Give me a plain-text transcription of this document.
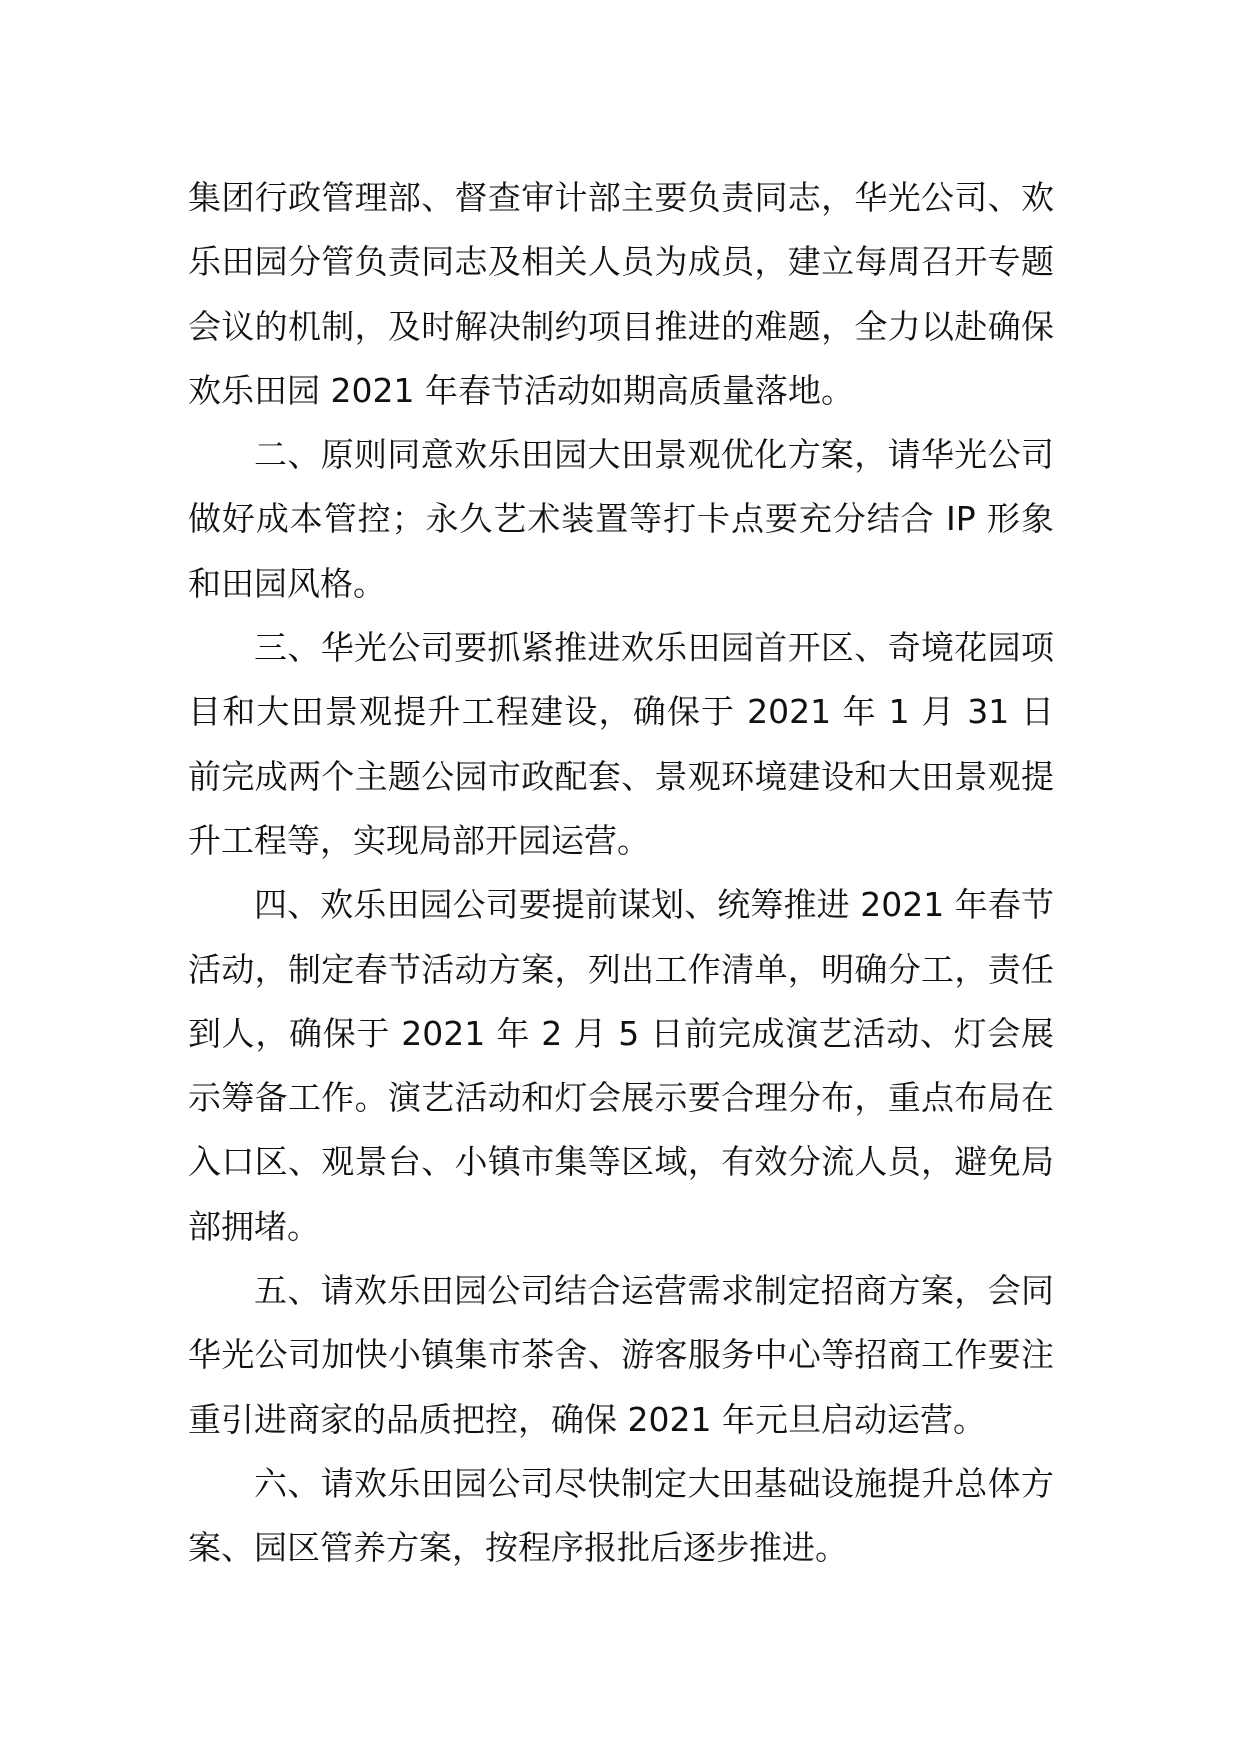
集团行政管理部、督查审计部主要负责同志，华光公司、欢乐田园分管负责同志及相关人员为成员，建立每周召开专题会议的机制，及时解决制约项目推进的难题，全力以赴确保欢乐田园 2021 年春节活动如期高质量落地。

二、原则同意欢乐田园大田景观优化方案，请华光公司做好成本管控；永久艺术装置等打卡点要充分结合 IP 形象和田园风格。

三、华光公司要抓紧推进欢乐田园首开区、奇境花园项目和大田景观提升工程建设，确保于 2021 年 1 月 31 日前完成两个主题公园市政配套、景观环境建设和大田景观提升工程等，实现局部开园运营。

四、欢乐田园公司要提前谋划、统筹推进 2021 年春节活动，制定春节活动方案，列出工作清单，明确分工，责任到人，确保于 2021 年 2 月 5 日前完成演艺活动、灯会展示筹备工作。演艺活动和灯会展示要合理分布，重点布局在入口区、观景台、小镇市集等区域，有效分流人员，避免局部拥堵。

五、请欢乐田园公司结合运营需求制定招商方案，会同华光公司加快小镇集市茶舍、游客服务中心等招商工作要注重引进商家的品质把控，确保 2021 年元旦启动运营。

六、请欢乐田园公司尽快制定大田基础设施提升总体方案、园区管养方案，按程序报批后逐步推进。
